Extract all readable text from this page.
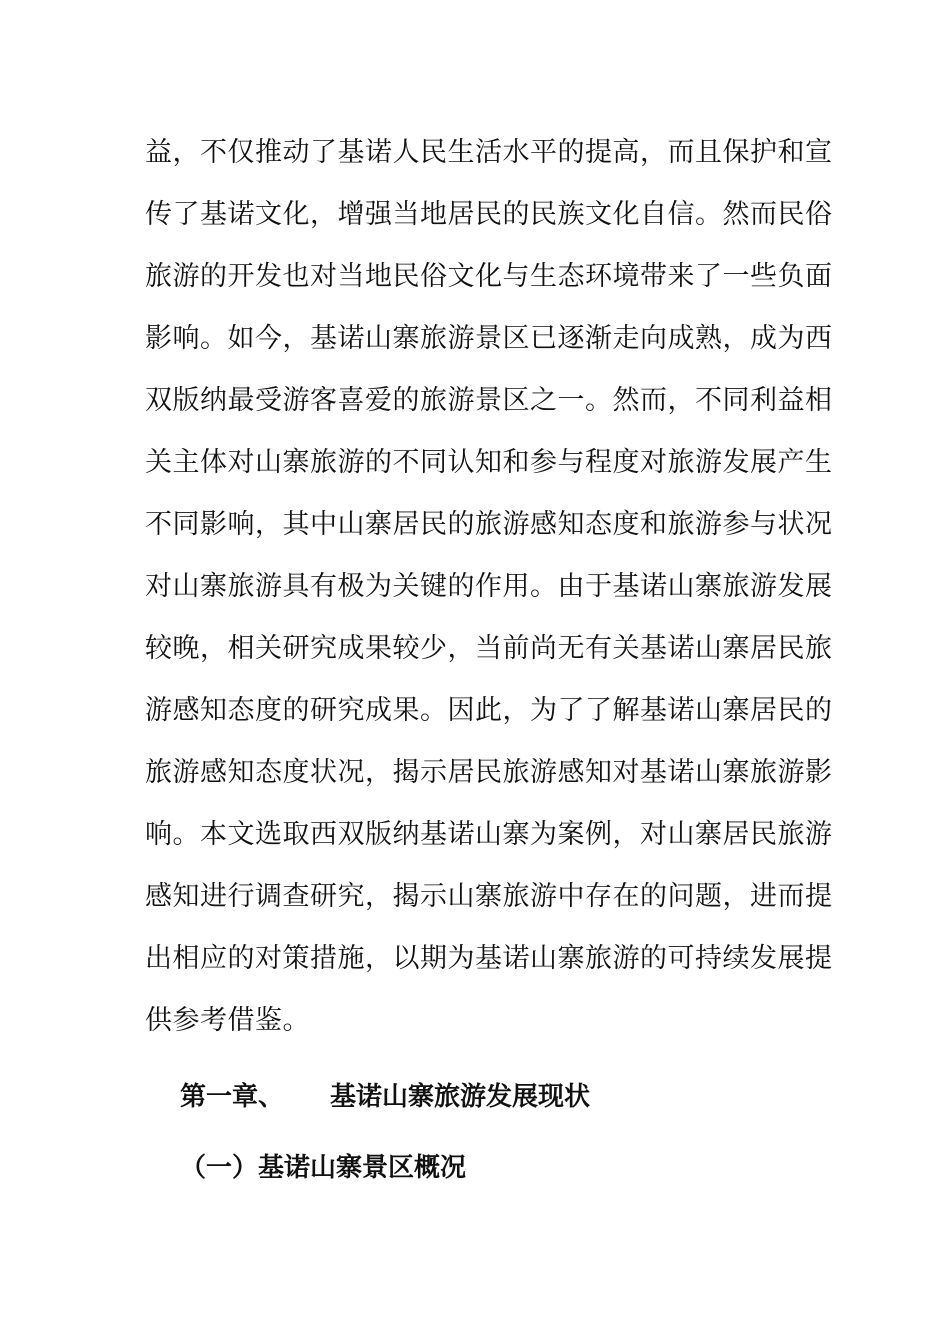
益，不仅推动了基诺人民生活水平的提高，而且保护和宣
传了基诺文化，增强当地居民的民族文化自信。然而民俗
旅游的开发也对当地民俗文化与生态环境带来了一些负面
影响。如今，基诺山寨旅游景区已逐渐走向成熟，成为西
双版纳最受游客喜爱的旅游景区之一。然而，不同利益相
关主体对山寨旅游的不同认知和参与程度对旅游发展产生
不同影响，其中山寨居民的旅游感知态度和旅游参与状况
对山寨旅游具有极为关键的作用。由于基诺山寨旅游发展
较晚，相关研究成果较少，当前尚无有关基诺山寨居民旅
游感知态度的研究成果。因此，为了了解基诺山寨居民的
旅游感知态度状况，揭示居民旅游感知对基诺山寨旅游影
响。本文选取西双版纳基诺山寨为案例，对山寨居民旅游
感知进行调查研究，揭示山寨旅游中存在的问题，进而提
出相应的对策措施，以期为基诺山寨旅游的可持续发展提
供参考借鉴。
第一章、 基诺山寨旅游发展现状
（一）基诺山寨景区概况
